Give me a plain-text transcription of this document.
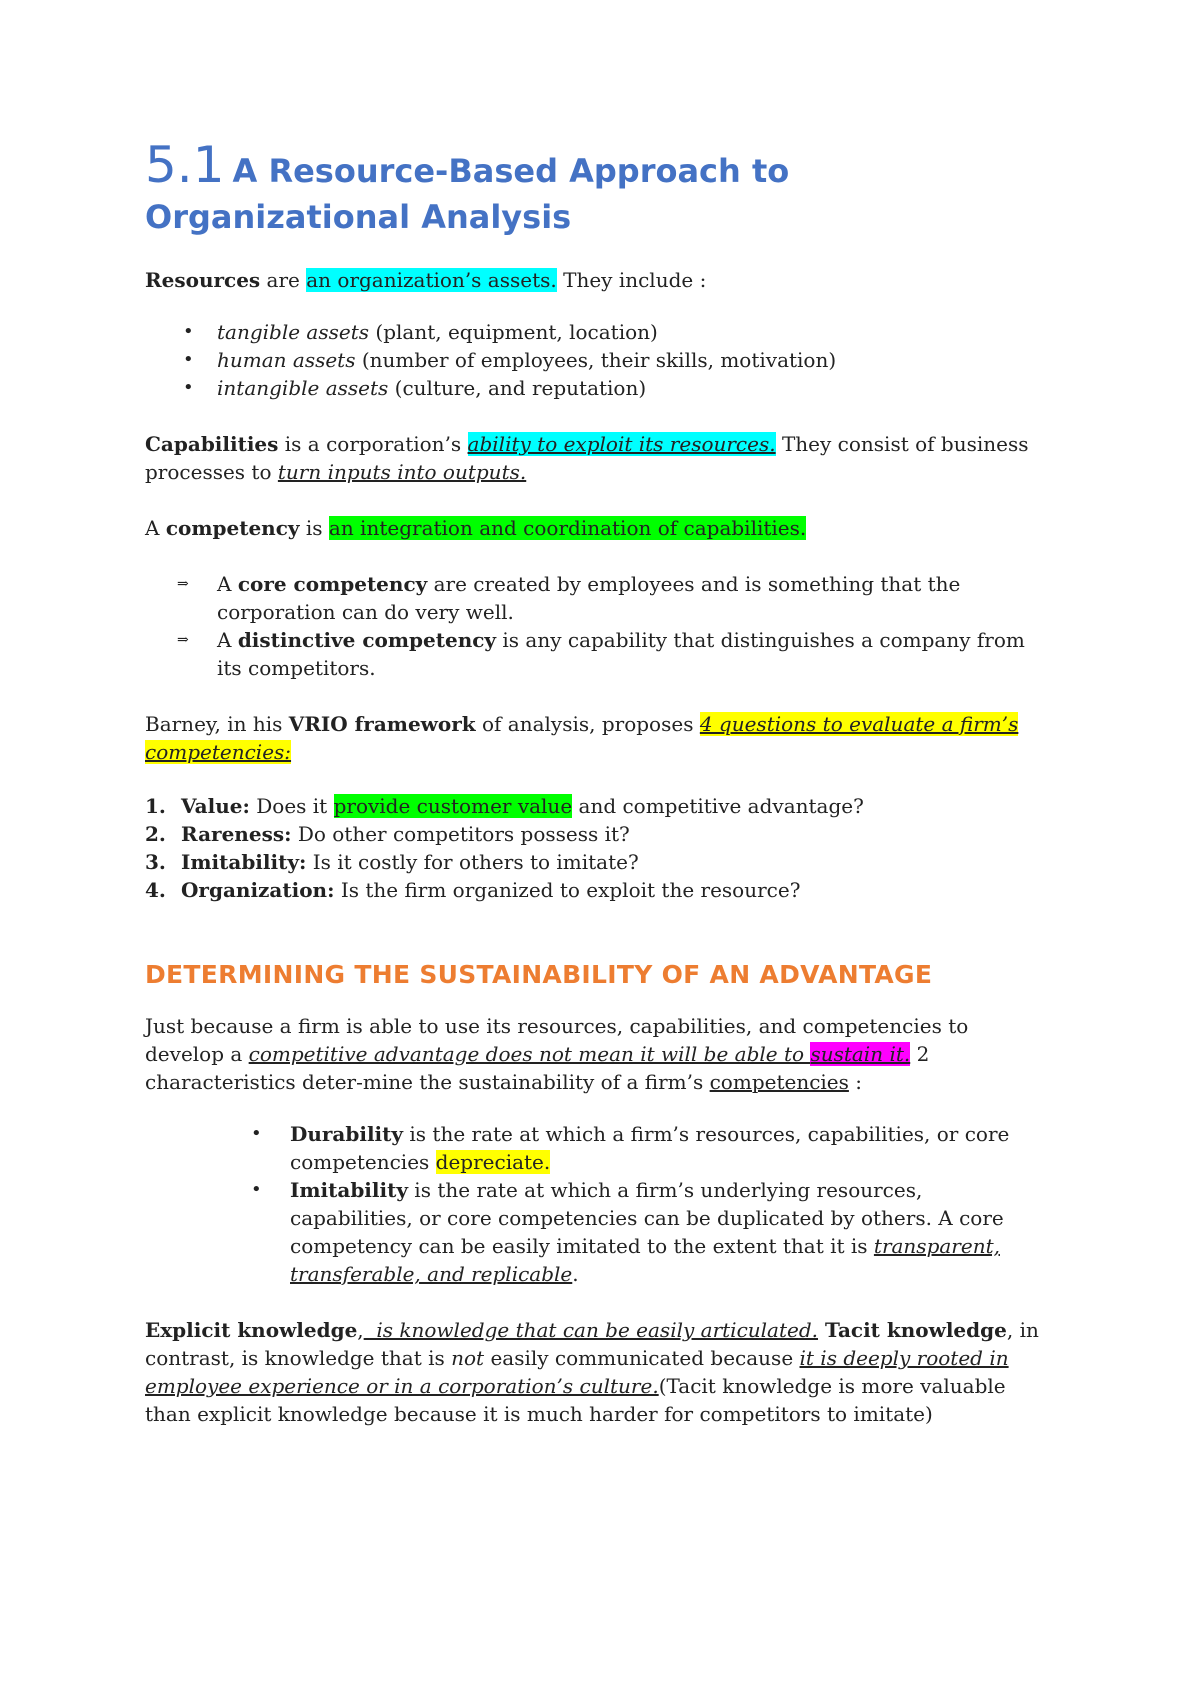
5.1 A Resource-Based Approach to
Organizational Analysis

Resources are an organization’s assets. They include :

• tangible assets (plant, equipment, location)
• human assets (number of employees, their skills, motivation)
• intangible assets (culture, and reputation)

Capabilities is a corporation’s ability to exploit its resources. They consist of business processes to turn inputs into outputs.

A competency is an integration and coordination of capabilities.

⇒ A core competency are created by employees and is something that the corporation can do very well.
⇒ A distinctive competency is any capability that distinguishes a company from its competitors.

Barney, in his VRIO framework of analysis, proposes 4 questions to evaluate a firm’s competencies:

1. Value: Does it provide customer value and competitive advantage?
2. Rareness: Do other competitors possess it?
3. Imitability: Is it costly for others to imitate?
4. Organization: Is the firm organized to exploit the resource?
DETERMINING THE SUSTAINABILITY OF AN ADVANTAGE

Just because a firm is able to use its resources, capabilities, and competencies to develop a competitive advantage does not mean it will be able to sustain it. 2 characteristics deter-mine the sustainability of a firm’s competencies :

• Durability is the rate at which a firm’s resources, capabilities, or core competencies depreciate.
• Imitability is the rate at which a firm’s underlying resources, capabilities, or core competencies can be duplicated by others. A core competency can be easily imitated to the extent that it is transparent, transferable, and replicable.

Explicit knowledge,  is knowledge that can be easily articulated. Tacit knowledge, in contrast, is knowledge that is not easily communicated because it is deeply rooted in employee experience or in a corporation’s culture.(Tacit knowledge is more valuable than explicit knowledge because it is much harder for competitors to imitate)
